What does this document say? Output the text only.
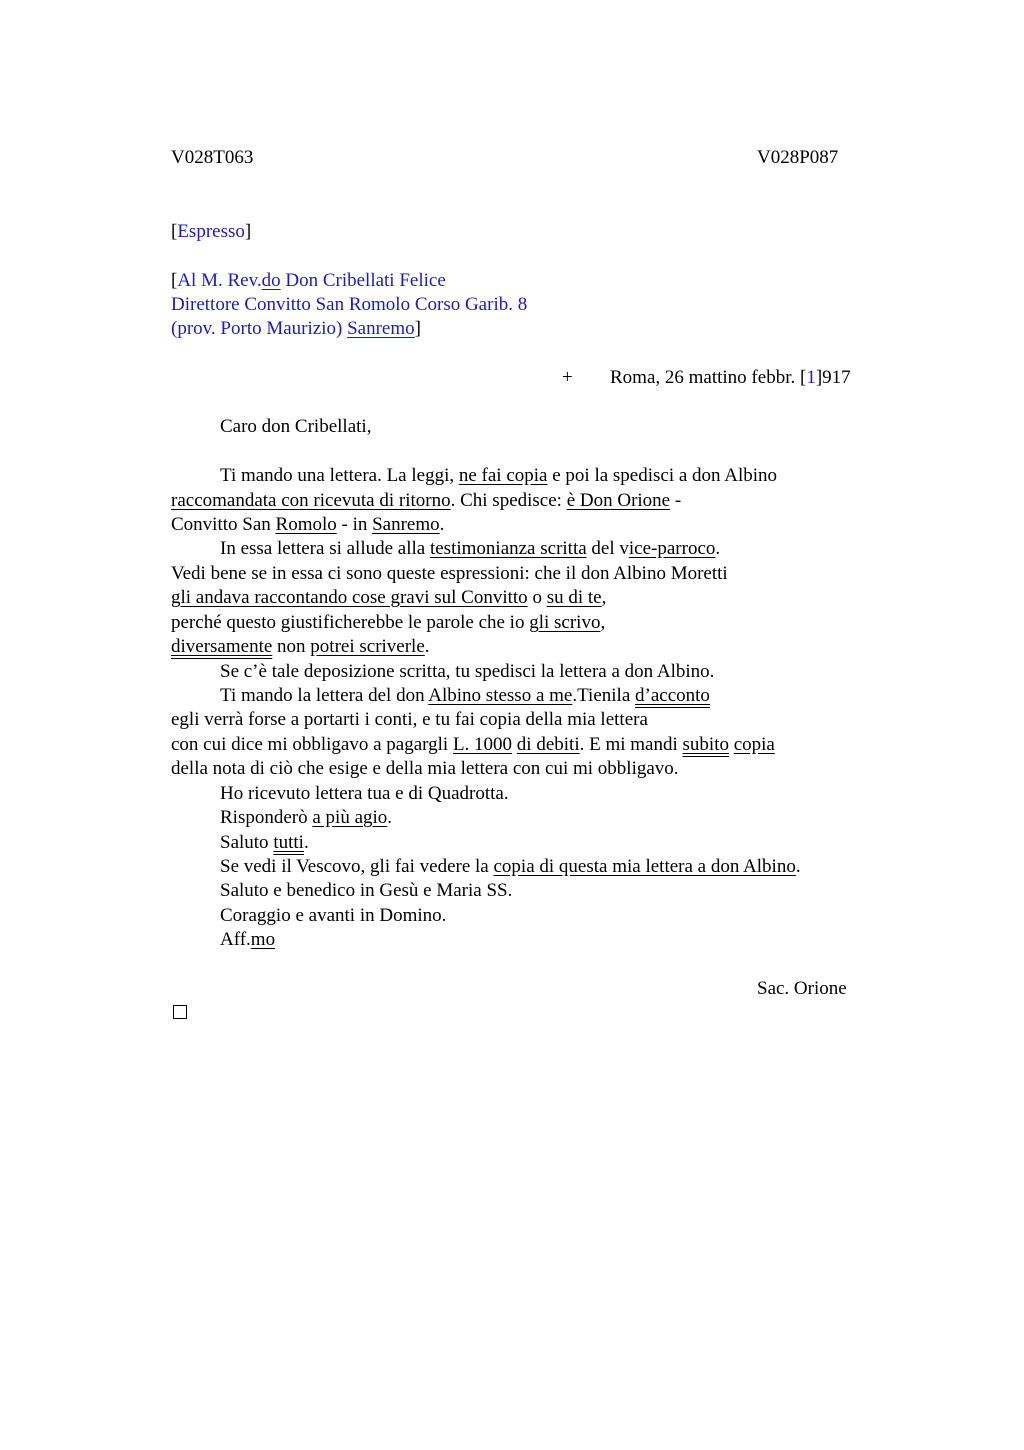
V028T063	V028P087
[Espresso]
[Al M. Rev.do Don Cribellati Felice
Direttore Convitto San Romolo Corso Garib. 8
(prov. Porto Maurizio) Sanremo]
+ Roma, 26 mattino febbr. [1]917
Caro don Cribellati,
Ti mando una lettera. La leggi, ne fai copia e poi la spedisci a don Albino
raccomandata con ricevuta di ritorno. Chi spedisce: è Don Orione -
Convitto San Romolo - in Sanremo.
In essa lettera si allude alla testimonianza scritta del vice-parroco.
Vedi bene se in essa ci sono queste espressioni: che il don Albino Moretti
gli andava raccontando cose gravi sul Convitto o su di te,
perché questo giustificherebbe le parole che io gli scrivo,
diversamente non potrei scriverle.
Se c’è tale deposizione scritta, tu spedisci la lettera a don Albino.
Ti mando la lettera del don Albino stesso a me.Tienila d’acconto
egli verrà forse a portarti i conti, e tu fai copia della mia lettera
con cui dice mi obbligavo a pagargli L. 1000 di debiti. E mi mandi subito copia
della nota di ciò che esige e della mia lettera con cui mi obbligavo.
Ho ricevuto lettera tua e di Quadrotta.
Risponderò a più agio.
Saluto tutti.
Se vedi il Vescovo, gli fai vedere la copia di questa mia lettera a don Albino.
Saluto e benedico in Gesù e Maria SS.
Coraggio e avanti in Domino.
Aff.mo
Sac. Orione
